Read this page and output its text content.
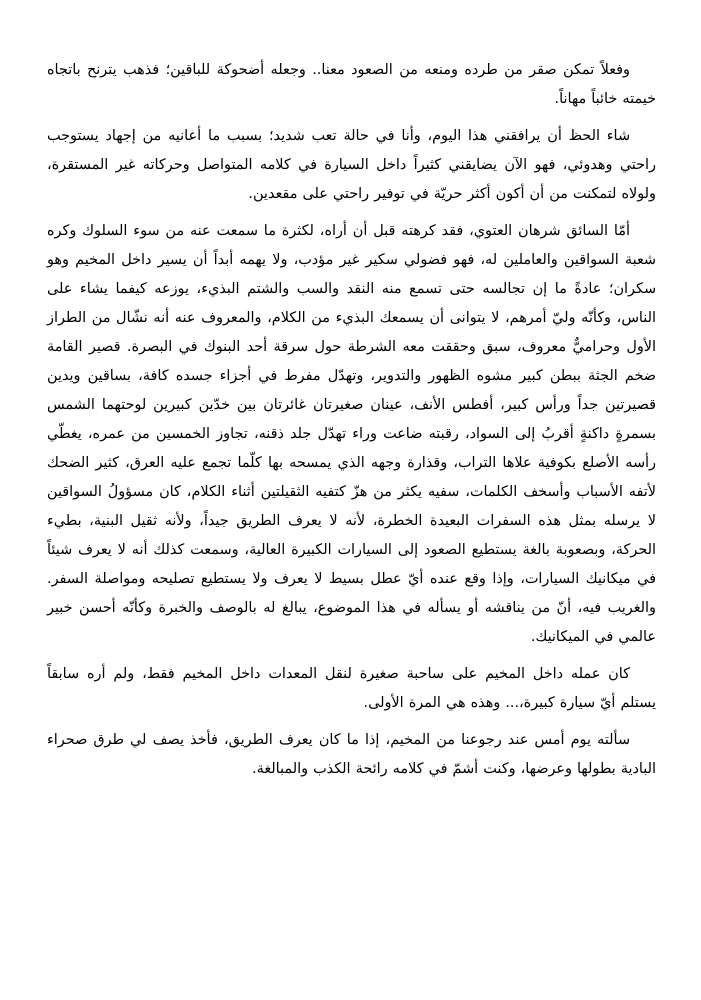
وفعلاً تمكن صقر من طرده ومنعه من الصعود معنا.. وجعله أضحوكة للباقين؛ فذهب يترنح باتجاه خيمته خائباً مهاناً.

شاء الحظ أن يرافقني هذا اليوم، وأنا في حالة تعب شديد؛ بسبب ما أعانيه من إجهاد يستوجب راحتي وهدوئي، فهو الآن يضايقني كثيراً داخل السيارة في كلامه المتواصل وحركاته غير المستقرة، ولولاه لتمكنت من أن أكون أكثر حريّة في توفير راحتي على مقعدين.

أمّا السائق شرهان العتوي، فقد كرهته قبل أن أراه، لكثرة ما سمعت عنه من سوء السلوك وكره شعبة السواقين والعاملين له، فهو فضولي سكير غير مؤدب، ولا يهمه أبداً أن يسير داخل المخيم وهو سكران؛ عادةً ما إن تجالسه حتى تسمع منه النقد والسب والشتم البذيء، يوزعه كيفما يشاء على الناس، وكأنّه وليّ أمرهم، لا يتوانى أن يسمعك البذيء من الكلام، والمعروف عنه أنه نشّال من الطراز الأول وحراميٌّ معروف، سبق وحققت معه الشرطة حول سرقة أحد البنوك في البصرة. قصير القامة ضخم الجثة ببطن كبير مشوه الظهور والتدوير، وتهدّل مفرط في أجزاء جسده كافة، بساقين ويدين قصيرتين جداً ورأس كبير، أفطس الأنف، عينان صغيرتان غائرتان بين خدّين كبيرين لوحتهما الشمس بسمرةٍ داكنةٍ أقربُ إلى السواد، رقبته ضاعت وراء تهدّل جلد ذقنه، تجاوز الخمسين من عمره، يغطّي رأسه الأصلع بكوفية علاها التراب، وقذارة وجهه الذي يمسحه بها كلّما تجمع عليه العرق، كثير الضحك لأتفه الأسباب وأسخف الكلمات، سفيه يكثر من هزّ كتفيه الثقيلتين أثناء الكلام، كان مسؤولُ السواقين لا يرسله بمثل هذه السفرات البعيدة الخطرة، لأنه لا يعرف الطريق جيداً، ولأنه ثقيل البنية، بطيء الحركة، وبصعوبة بالغة يستطيع الصعود إلى السيارات الكبيرة العالية، وسمعت كذلك أنه لا يعرف شيئاً في ميكانيك السيارات، وإذا وقع عنده أيّ عطل بسيط لا يعرف ولا يستطيع تصليحه ومواصلة السفر. والغريب فيه، أنّ من يناقشه أو يسأله في هذا الموضوع، يبالغ له بالوصف والخبرة وكأنّه أحسن خبير عالمي في الميكانيك.

كان عمله داخل المخيم على ساحبة صغيرة لنقل المعدات داخل المخيم فقط، ولم أره سابقاً يستلم أيّ سيارة كبيرة،... وهذه هي المرة الأولى.

سألته يوم أمس عند رجوعنا من المخيم، إذا ما كان يعرف الطريق، فأخذ يصف لي طرق صحراء البادية بطولها وعرضها، وكنت أشمّ في كلامه رائحة الكذب والمبالغة.
